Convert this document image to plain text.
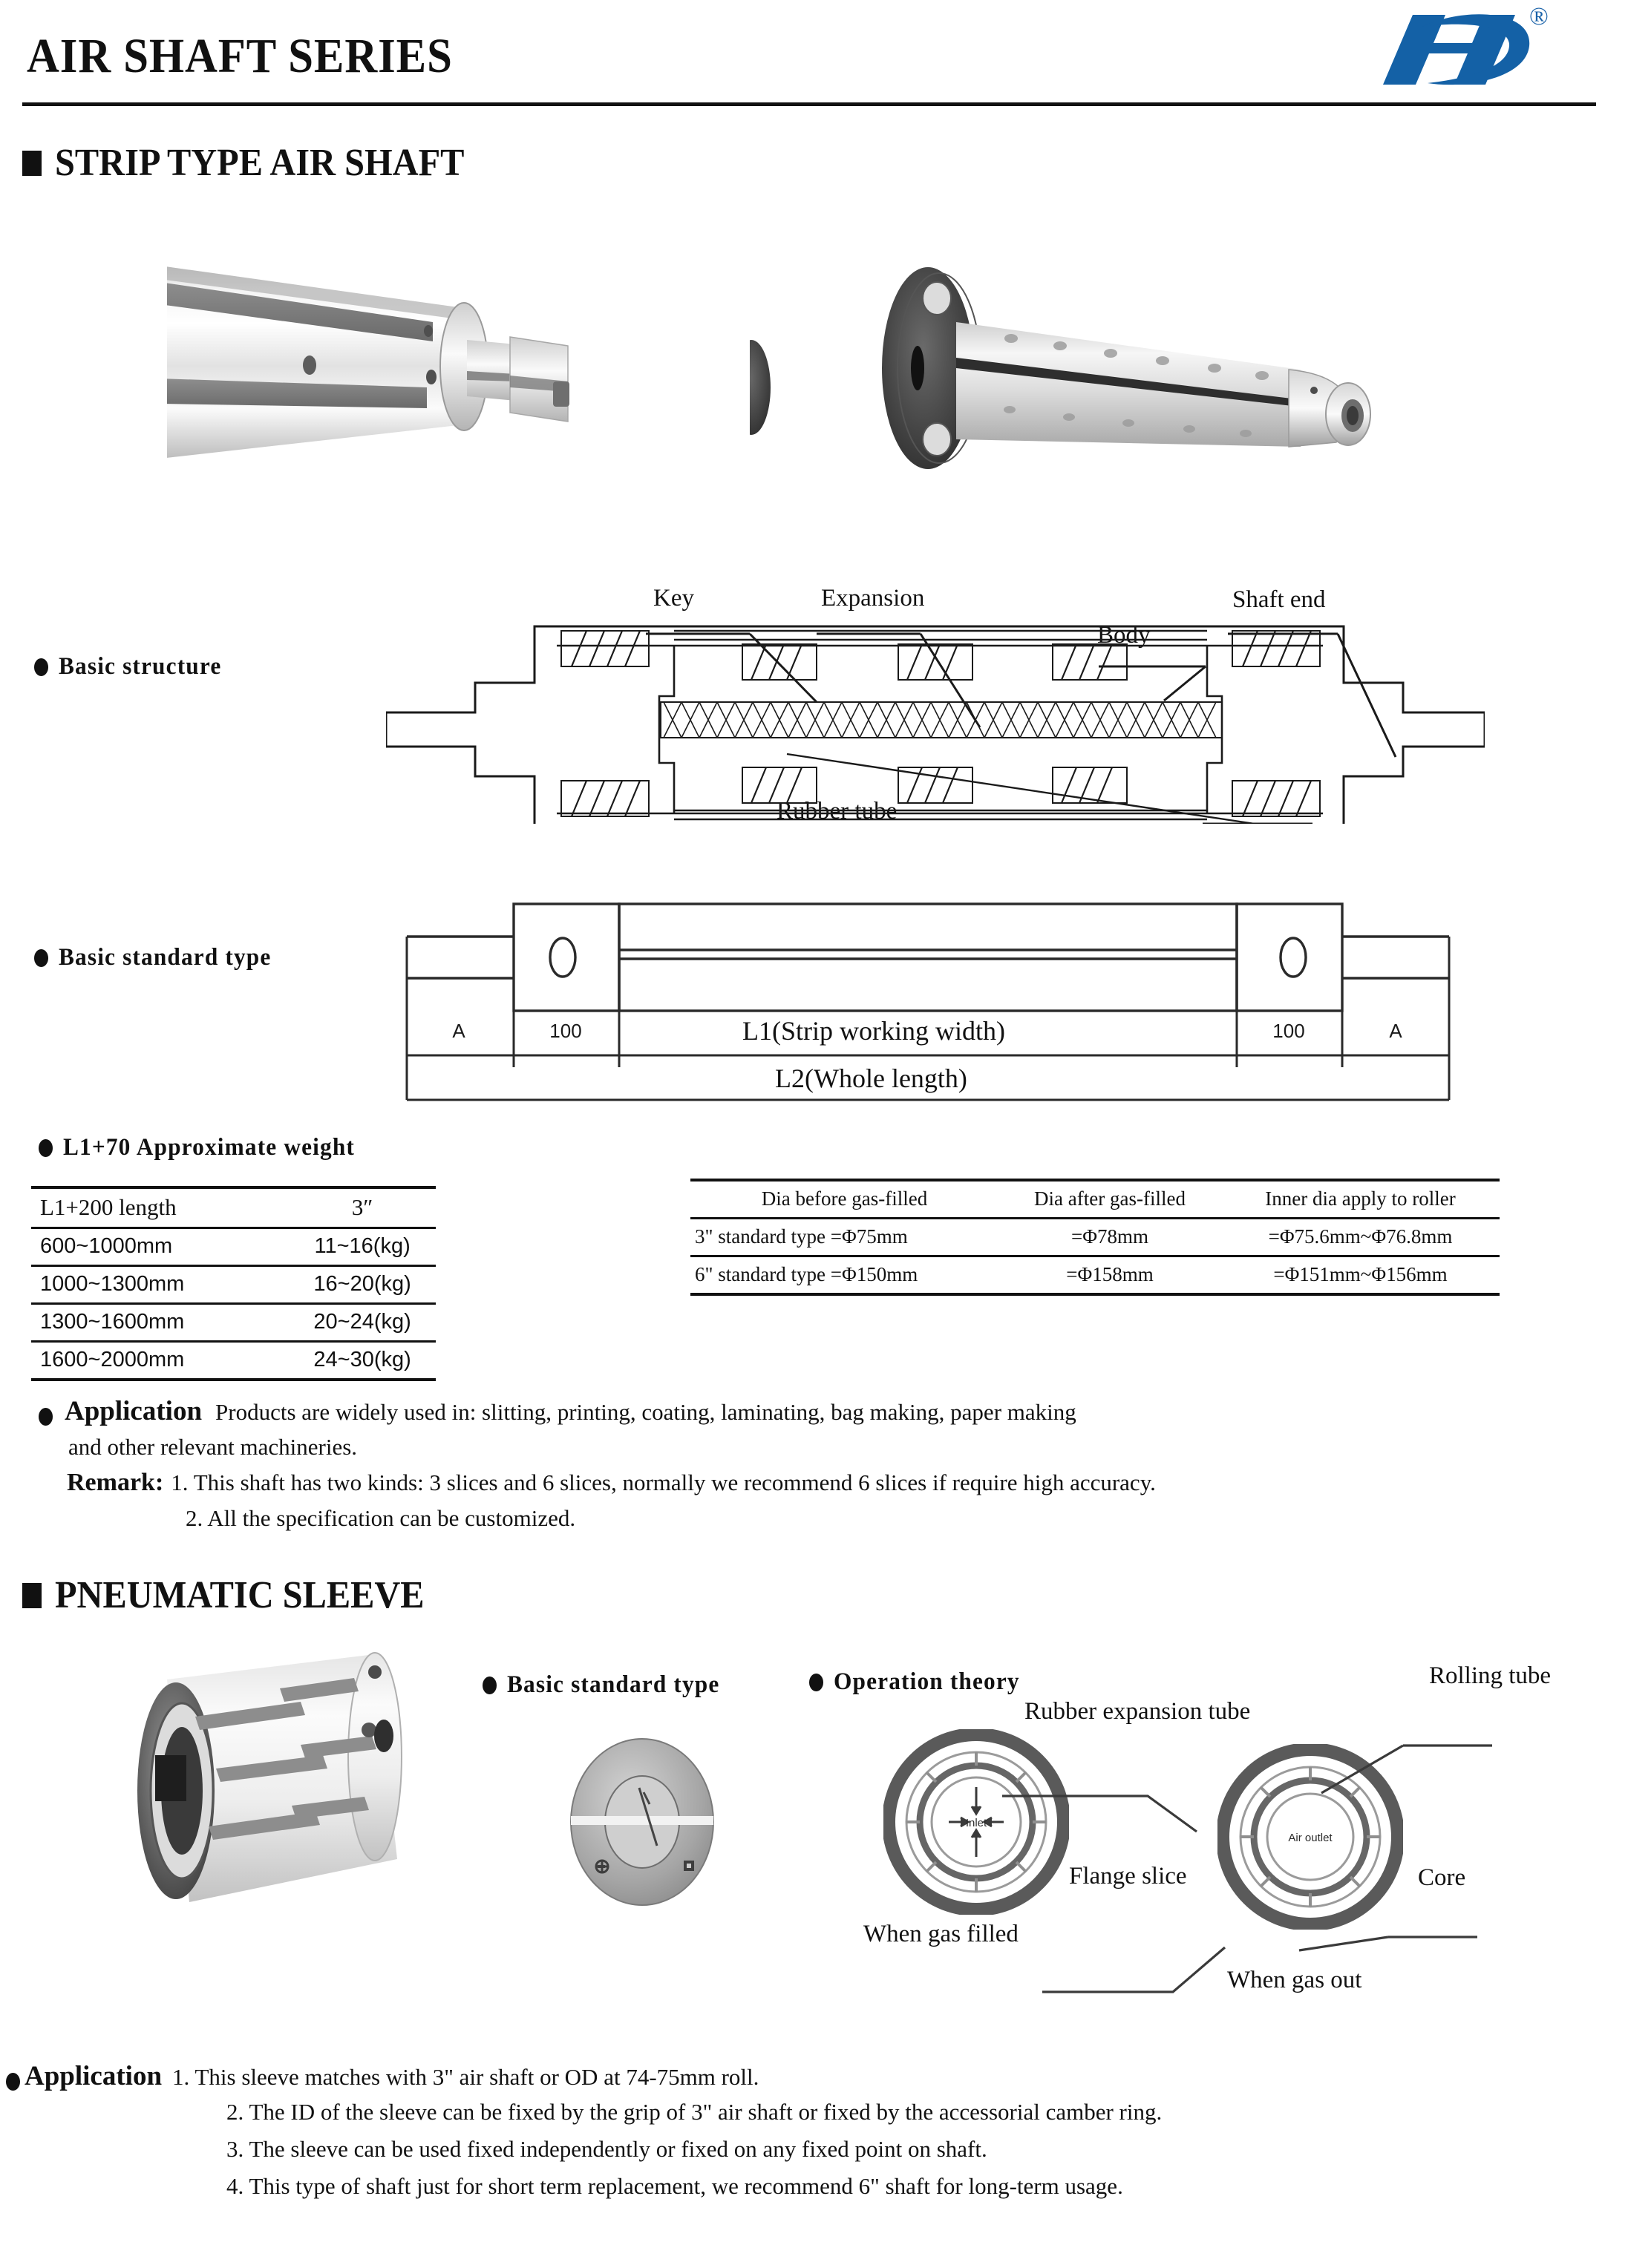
AIR SHAFT SERIES
®
STRIP TYPE AIR SHAFT
Basic structure
Key	Expansion
Body
Shaft end
Rubber tube
Basic standard type
A	100	100	A
L1(Strip working width)
L2(Whole length)
L1+70 Approximate weight
L1+200 length	3″
600~1000mm	11~16(kg)
1000~1300mm	16~20(kg)
1300~1600mm	20~24(kg)
1600~2000mm	24~30(kg)
Dia before gas-filled	Dia after gas-filled	Inner dia apply to roller
3" standard type =Φ75mm	=Φ78mm	=Φ75.6mm~Φ76.8mm
6" standard type =Φ150mm	=Φ158mm	=Φ151mm~Φ156mm
Application Products are widely used in: slitting, printing, coating, laminating, bag making, paper making
and other relevant machineries.
Remark: 1. This shaft has two kinds: 3 slices and 6 slices, normally we recommend 6 slices if require high accuracy.
2. All the specification can be customized.
PNEUMATIC SLEEVE
Basic standard type	Operation theory
Inlet
Air outlet
Rubber expansion tube
Rolling tube
Flange slice	Core
When gas filled
When gas out
Application 1. This sleeve matches with 3" air shaft or OD at 74-75mm roll.
2. The ID of the sleeve can be fixed by the grip of 3" air shaft or fixed by the accessorial camber ring.
3. The sleeve can be used fixed independently or fixed on any fixed point on shaft.
4. This type of shaft just for short term replacement, we recommend 6" shaft for long-term usage.
